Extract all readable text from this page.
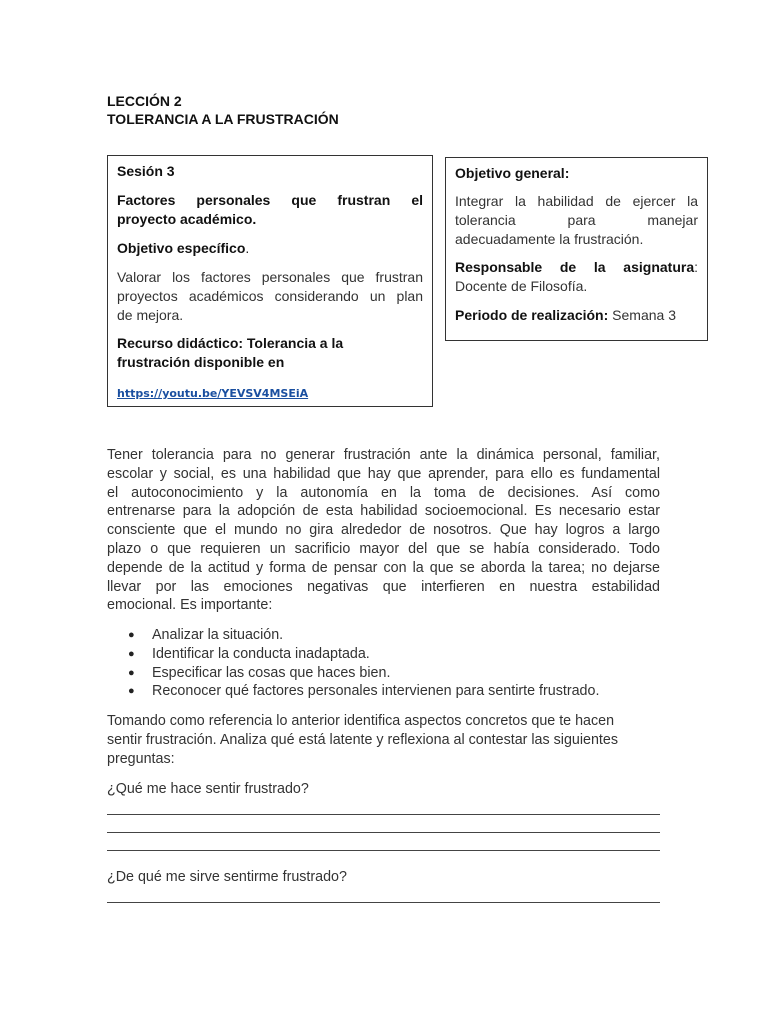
LECCIÓN 2
TOLERANCIA A LA FRUSTRACIÓN

Sesión 3

Factores personales que frustran el
proyecto académico.

Objetivo específico.

Valorar los factores personales que frustran
proyectos académicos considerando un plan
de mejora.

Recurso didáctico: Tolerancia a la
frustración disponible en

https://youtu.be/YEVSV4MSEiA

Objetivo general:

Integrar la habilidad de ejercer la
tolerancia para manejar
adecuadamente la frustración.

Responsable de la asignatura:
Docente de Filosofía.

Periodo de realización: Semana 3

Tener tolerancia para no generar frustración ante la dinámica personal, familiar,
escolar y social, es una habilidad que hay que aprender, para ello es fundamental
el autoconocimiento y la autonomía en la toma de decisiones. Así como
entrenarse para la adopción de esta habilidad socioemocional. Es necesario estar
consciente que el mundo no gira alrededor de nosotros. Que hay logros a largo
plazo o que requieren un sacrificio mayor del que se había considerado. Todo
depende de la actitud y forma de pensar con la que se aborda la tarea; no dejarse
llevar por las emociones negativas que interfieren en nuestra estabilidad
emocional. Es importante:
●	Analizar la situación.
●	Identificar la conducta inadaptada.
●	Especificar las cosas que haces bien.
●	Reconocer qué factores personales intervienen para sentirte frustrado.
Tomando como referencia lo anterior identifica aspectos concretos que te hacen
sentir frustración. Analiza qué está latente y reflexiona al contestar las siguientes
preguntas:
¿Qué me hace sentir frustrado?
¿De qué me sirve sentirme frustrado?
